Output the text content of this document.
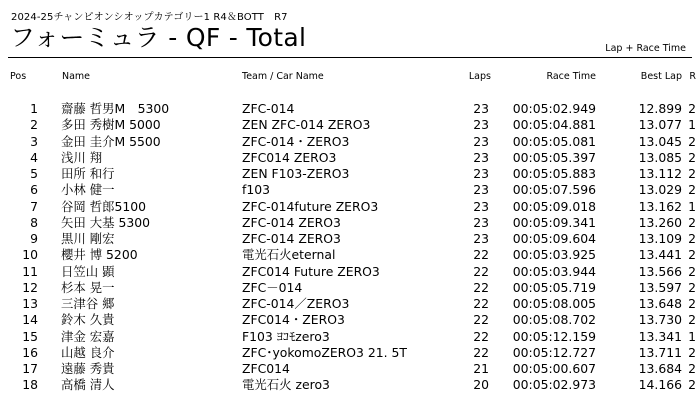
2024-25チャンピオンシオップカテゴリー1 R4＆BOTT　R7
フォーミュラ - QF - Total	Lap + Race Time
Pos	Name	Team / Car Name	Laps	Race Time	Best Lap R
1 齋藤 哲男M　5300	ZFC-014	23 00:05:02.949	12.899 2
2 多田 秀樹M 5000	ZEN ZFC-014 ZERO3	23 00:05:04.881	13.077 1
3 金田 圭介M 5500	ZFC-014・ZERO3	23 00:05:05.081	13.045 2
4 浅川 翔	ZFC014 ZERO3	23 00:05:05.397	13.085 2
5 田所 和行	ZEN F103-ZERO3	23 00:05:05.883	13.112 2
6 小林 健一	f103	23 00:05:07.596	13.029 2
7 谷岡 哲郎5100	ZFC-014future ZERO3	23 00:05:09.018	13.162 1
8 矢田 大基 5300	ZFC-014 ZERO3	23 00:05:09.341	13.260 2
9 黒川 剛宏	ZFC-014 ZERO3	23 00:05:09.604	13.109 2
10 櫻井 博 5200	電光石火eternal	22 00:05:03.925	13.441 2
11 日笠山 顕	ZFC014 Future ZERO3	22 00:05:03.944	13.566 2
12 杉本 晃一	ZFC－014	22 00:05:05.719	13.597 2
13 三津谷 郷	ZFC-014／ZERO3	22 00:05:08.005	13.648 2
14 鈴木 久貴	ZFC014・ZERO3	22 00:05:08.702	13.730 2
15 津金 宏嘉	F103 ﾖｺﾓzero3	22 00:05:12.159	13.341 1
16 山越 良介	ZFC･yokomoZERO3 21. 5T	22 00:05:12.727	13.711 2
17 遠藤 秀貴	ZFC014	21 00:05:00.607	13.684 2
18 高橋 清人	電光石火 zero3	20 00:05:02.973	14.166 2
